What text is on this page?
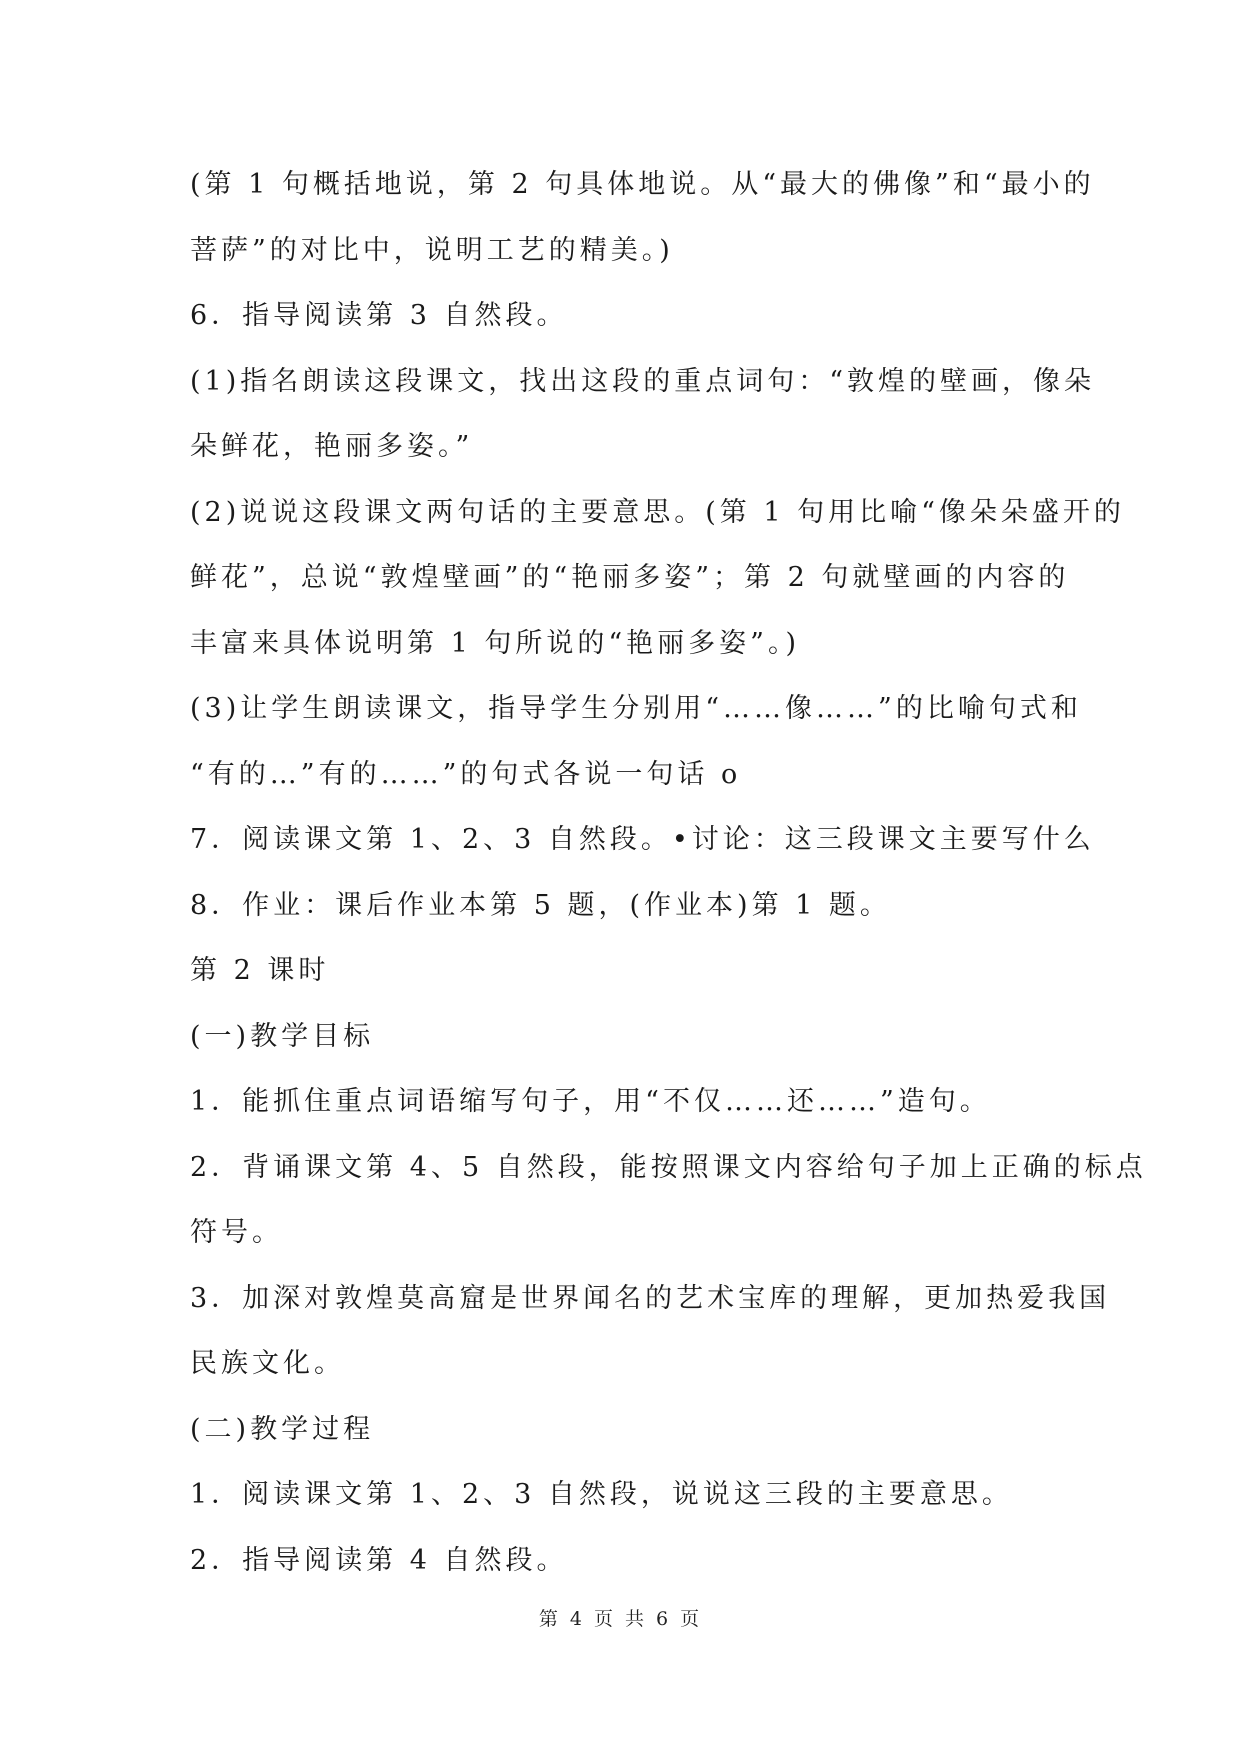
(第 1 句概括地说，第 2 句具体地说。从“最大的佛像”和“最小的
菩萨”的对比中，说明工艺的精美。)
6．指导阅读第 3 自然段。
(1)指名朗读这段课文，找出这段的重点词句：“敦煌的壁画，像朵
朵鲜花，艳丽多姿。”
(2)说说这段课文两句话的主要意思。(第 1 句用比喻“像朵朵盛开的
鲜花”，总说“敦煌壁画”的“艳丽多姿”；第 2 句就壁画的内容的
丰富来具体说明第 1 句所说的“艳丽多姿”。)
(3)让学生朗读课文，指导学生分别用“……像……”的比喻句式和
“有的…”有的……”的句式各说一句话 o
7．阅读课文第 1、2、3 自然段。•讨论：这三段课文主要写什么
8．作业：课后作业本第 5 题，(作业本)第 1 题。
第 2 课时
(一)教学目标
1．能抓住重点词语缩写句子，用“不仅……还……”造句。
2．背诵课文第 4、5 自然段，能按照课文内容给句子加上正确的标点
符号。
3．加深对敦煌莫高窟是世界闻名的艺术宝库的理解，更加热爱我国
民族文化。
(二)教学过程
1．阅读课文第 1、2、3 自然段，说说这三段的主要意思。
2．指导阅读第 4 自然段。
第 4 页 共 6 页
